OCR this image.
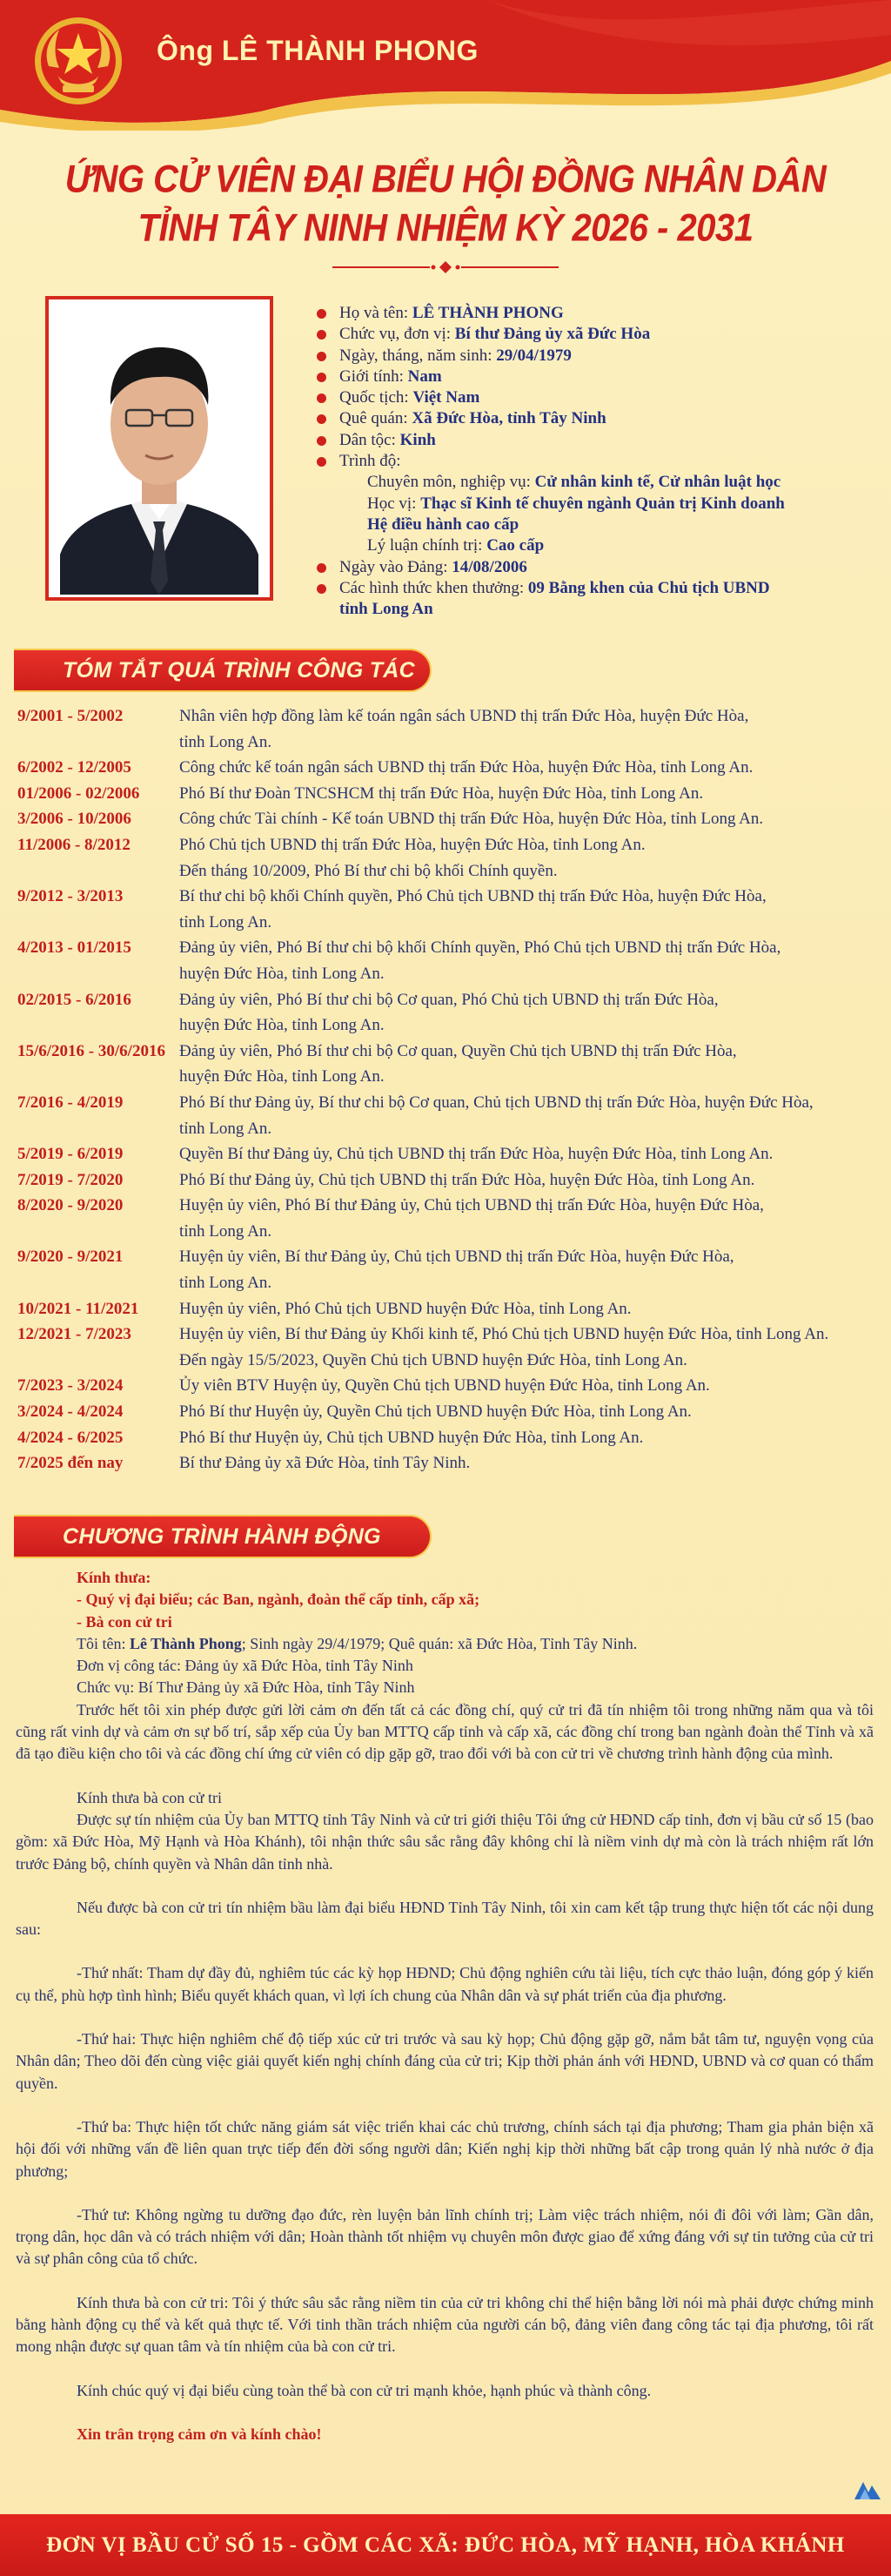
Ông LÊ THÀNH PHONG
ỨNG CỬ VIÊN ĐẠI BIỂU HỘI ĐỒNG NHÂN DÂN
TỈNH TÂY NINH NHIỆM KỲ 2026 - 2031
Họ và tên: LÊ THÀNH PHONG
Chức vụ, đơn vị: Bí thư Đảng ủy xã Đức Hòa
Ngày, tháng, năm sinh: 29/04/1979
Giới tính: Nam
Quốc tịch: Việt Nam
Quê quán: Xã Đức Hòa, tỉnh Tây Ninh
Dân tộc: Kinh
Trình độ:
Chuyên môn, nghiệp vụ: Cử nhân kinh tế, Cử nhân luật học
Học vị: Thạc sĩ Kinh tế chuyên ngành Quản trị Kinh doanh
Hệ điều hành cao cấp
Lý luận chính trị: Cao cấp
Ngày vào Đảng: 14/08/2006
Các hình thức khen thưởng: 09 Bằng khen của Chủ tịch UBND
tỉnh Long An
TÓM TẮT QUÁ TRÌNH CÔNG TÁC
9/2001 - 5/2002	Nhân viên hợp đồng làm kế toán ngân sách UBND thị trấn Đức Hòa, huyện Đức Hòa,
tỉnh Long An.
6/2002 - 12/2005	Công chức kế toán ngân sách UBND thị trấn Đức Hòa, huyện Đức Hòa, tỉnh Long An.
01/2006 - 02/2006	Phó Bí thư Đoàn TNCSHCM thị trấn Đức Hòa, huyện Đức Hòa, tỉnh Long An.
3/2006 - 10/2006	Công chức Tài chính - Kế toán UBND thị trấn Đức Hòa, huyện Đức Hòa, tỉnh Long An.
11/2006 - 8/2012	Phó Chủ tịch UBND thị trấn Đức Hòa, huyện Đức Hòa, tỉnh Long An.
Đến tháng 10/2009, Phó Bí thư chi bộ khối Chính quyền.
9/2012 - 3/2013	Bí thư chi bộ khối Chính quyền, Phó Chủ tịch UBND thị trấn Đức Hòa, huyện Đức Hòa,
tỉnh Long An.
4/2013 - 01/2015	Đảng ủy viên, Phó Bí thư chi bộ khối Chính quyền, Phó Chủ tịch UBND thị trấn Đức Hòa,
huyện Đức Hòa, tỉnh Long An.
02/2015 - 6/2016	Đảng ủy viên, Phó Bí thư chi bộ Cơ quan, Phó Chủ tịch UBND thị trấn Đức Hòa,
huyện Đức Hòa, tỉnh Long An.
15/6/2016 - 30/6/2016 Đảng ủy viên, Phó Bí thư chi bộ Cơ quan, Quyền Chủ tịch UBND thị trấn Đức Hòa,
huyện Đức Hòa, tỉnh Long An.
7/2016 - 4/2019	Phó Bí thư Đảng ủy, Bí thư chi bộ Cơ quan, Chủ tịch UBND thị trấn Đức Hòa, huyện Đức Hòa,
tỉnh Long An.
5/2019 - 6/2019	Quyền Bí thư Đảng ủy, Chủ tịch UBND thị trấn Đức Hòa, huyện Đức Hòa, tỉnh Long An.
7/2019 - 7/2020	Phó Bí thư Đảng ủy, Chủ tịch UBND thị trấn Đức Hòa, huyện Đức Hòa, tỉnh Long An.
8/2020 - 9/2020	Huyện ủy viên, Phó Bí thư Đảng ủy, Chủ tịch UBND thị trấn Đức Hòa, huyện Đức Hòa,
tỉnh Long An.
9/2020 - 9/2021	Huyện ủy viên, Bí thư Đảng ủy, Chủ tịch UBND thị trấn Đức Hòa, huyện Đức Hòa,
tỉnh Long An.
10/2021 - 11/2021	Huyện ủy viên, Phó Chủ tịch UBND huyện Đức Hòa, tỉnh Long An.
12/2021 - 7/2023	Huyện ủy viên, Bí thư Đảng ủy Khối kinh tế, Phó Chủ tịch UBND huyện Đức Hòa, tỉnh Long An.
Đến ngày 15/5/2023, Quyền Chủ tịch UBND huyện Đức Hòa, tỉnh Long An.
7/2023 - 3/2024	Ủy viên BTV Huyện ủy, Quyền Chủ tịch UBND huyện Đức Hòa, tỉnh Long An.
3/2024 - 4/2024	Phó Bí thư Huyện ủy, Quyền Chủ tịch UBND huyện Đức Hòa, tỉnh Long An.
4/2024 - 6/2025	Phó Bí thư Huyện ủy, Chủ tịch UBND huyện Đức Hòa, tỉnh Long An.
7/2025 đến nay	Bí thư Đảng ủy xã Đức Hòa, tỉnh Tây Ninh.
CHƯƠNG TRÌNH HÀNH ĐỘNG

Kính thưa:

- Quý vị đại biểu; các Ban, ngành, đoàn thể cấp tỉnh, cấp xã;

- Bà con cử tri

Tôi tên: Lê Thành Phong; Sinh ngày 29/4/1979; Quê quán: xã Đức Hòa, Tỉnh Tây Ninh.

Đơn vị công tác: Đảng ủy xã Đức Hòa, tỉnh Tây Ninh

Chức vụ: Bí Thư Đảng ủy xã Đức Hòa, tỉnh Tây Ninh

Trước hết tôi xin phép được gửi lời cảm ơn đến tất cả các đồng chí, quý cử tri đã tín nhiệm tôi trong những năm qua và tôi cũng rất vinh dự và cảm ơn sự bố trí, sắp xếp của Ủy ban MTTQ cấp tỉnh và cấp xã, các đồng chí trong ban ngành đoàn thể Tỉnh và xã đã tạo điều kiện cho tôi và các đồng chí ứng cử viên có dịp gặp gỡ, trao đổi với bà con cử tri về chương trình hành động của mình.

Kính thưa bà con cử tri

Được sự tín nhiệm của Ủy ban MTTQ tỉnh Tây Ninh và cử tri giới thiệu Tôi ứng cử HĐND cấp tỉnh, đơn vị bầu cử số 15 (bao gồm: xã Đức Hòa, Mỹ Hạnh và Hòa Khánh), tôi nhận thức sâu sắc rằng đây không chỉ là niềm vinh dự mà còn là trách nhiệm rất lớn trước Đảng bộ, chính quyền và Nhân dân tỉnh nhà.

Nếu được bà con cử tri tín nhiệm bầu làm đại biểu HĐND Tỉnh Tây Ninh, tôi xin cam kết tập trung thực hiện tốt các nội dung sau:

-Thứ nhất: Tham dự đầy đủ, nghiêm túc các kỳ họp HĐND; Chủ động nghiên cứu tài liệu, tích cực thảo luận, đóng góp ý kiến cụ thể, phù hợp tình hình; Biểu quyết khách quan, vì lợi ích chung của Nhân dân và sự phát triển của địa phương.

-Thứ hai: Thực hiện nghiêm chế độ tiếp xúc cử tri trước và sau kỳ họp; Chủ động gặp gỡ, nắm bắt tâm tư, nguyện vọng của Nhân dân; Theo dõi đến cùng việc giải quyết kiến nghị chính đáng của cử tri; Kịp thời phản ánh với HĐND, UBND và cơ quan có thẩm quyền.

-Thứ ba: Thực hiện tốt chức năng giám sát việc triển khai các chủ trương, chính sách tại địa phương; Tham gia phản biện xã hội đối với những vấn đề liên quan trực tiếp đến đời sống người dân; Kiến nghị kịp thời những bất cập trong quản lý nhà nước ở địa phương;

-Thứ tư: Không ngừng tu dưỡng đạo đức, rèn luyện bản lĩnh chính trị; Làm việc trách nhiệm, nói đi đôi với làm; Gần dân, trọng dân, học dân và có trách nhiệm với dân; Hoàn thành tốt nhiệm vụ chuyên môn được giao để xứng đáng với sự tin tưởng của cử tri và sự phân công của tổ chức.

Kính thưa bà con cử tri: Tôi ý thức sâu sắc rằng niềm tin của cử tri không chỉ thể hiện bằng lời nói mà phải được chứng minh bằng hành động cụ thể và kết quả thực tế. Với tinh thần trách nhiệm của người cán bộ, đảng viên đang công tác tại địa phương, tôi rất mong nhận được sự quan tâm và tín nhiệm của bà con cử tri.

Kính chúc quý vị đại biểu cùng toàn thể bà con cử tri mạnh khỏe, hạnh phúc và thành công.

Xin trân trọng cảm ơn và kính chào!

ĐƠN VỊ BẦU CỬ SỐ 15 - GỒM CÁC XÃ: ĐỨC HÒA, MỸ HẠNH, HÒA KHÁNH
